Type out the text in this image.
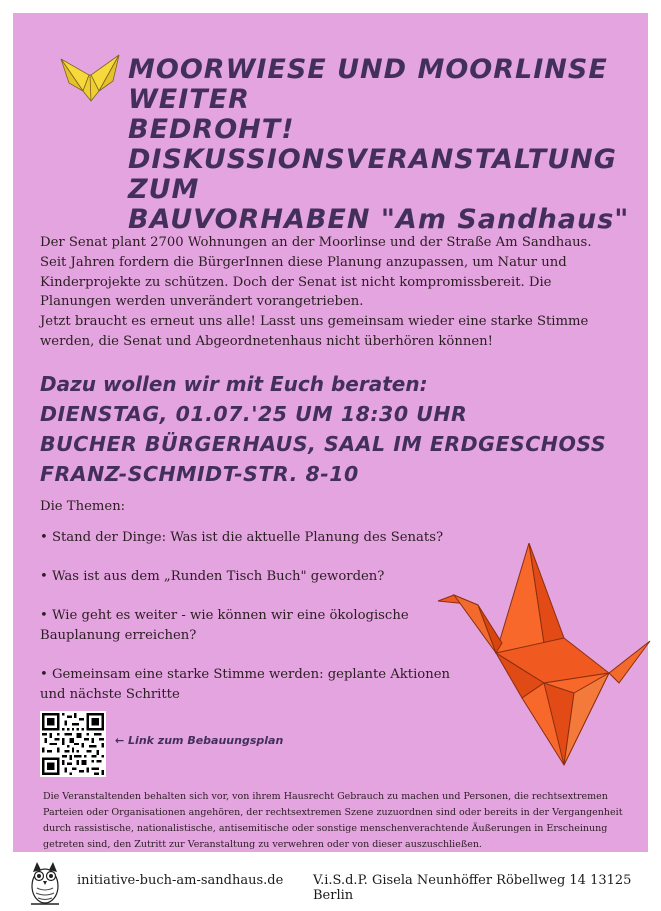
MOORWIESE UND MOORLINSE WEITER
BEDROHT!
DISKUSSIONSVERANSTALTUNG ZUM
BAUVORHABEN "Am Sandhaus"

Der Senat plant 2700 Wohnungen an der Moorlinse und der Straße Am Sandhaus.
Seit Jahren fordern die BürgerInnen diese Planung anzupassen, um Natur und
Kinderprojekte zu schützen. Doch der Senat ist nicht kompromissbereit. Die
Planungen werden unverändert vorangetrieben.
Jetzt braucht es erneut uns alle! Lasst uns gemeinsam wieder eine starke Stimme
werden, die Senat und Abgeordnetenhaus nicht überhören können!

Dazu wollen wir mit Euch beraten:
DIENSTAG, 01.07.'25 UM 18:30 UHR
BUCHER BÜRGERHAUS, SAAL IM ERDGESCHOSS
FRANZ-SCHMIDT-STR. 8-10

Die Themen:

• Stand der Dinge: Was ist die aktuelle Planung des Senats?
• Was ist aus dem „Runden Tisch Buch" geworden?
• Wie geht es weiter - wie können wir eine ökologische Bauplanung erreichen?
• Gemeinsam eine starke Stimme werden: geplante Aktionen und nächste Schritte
← Link zum Bebauungsplan

Die Veranstaltenden behalten sich vor, von ihrem Hausrecht Gebrauch zu machen und Personen, die rechtsextremen Parteien oder Organisationen angehören, der rechtsextremen Szene zuzuordnen sind oder bereits in der Vergangenheit durch rassistische, nationalistische, antisemitische oder sonstige menschenverachtende Äußerungen in Erscheinung getreten sind, den Zutritt zur Veranstaltung zu verwehren oder von dieser auszuschließen.

initiative-buch-am-sandhaus.de V.i.S.d.P. Gisela Neunhöffer Röbellweg 14 13125 Berlin
